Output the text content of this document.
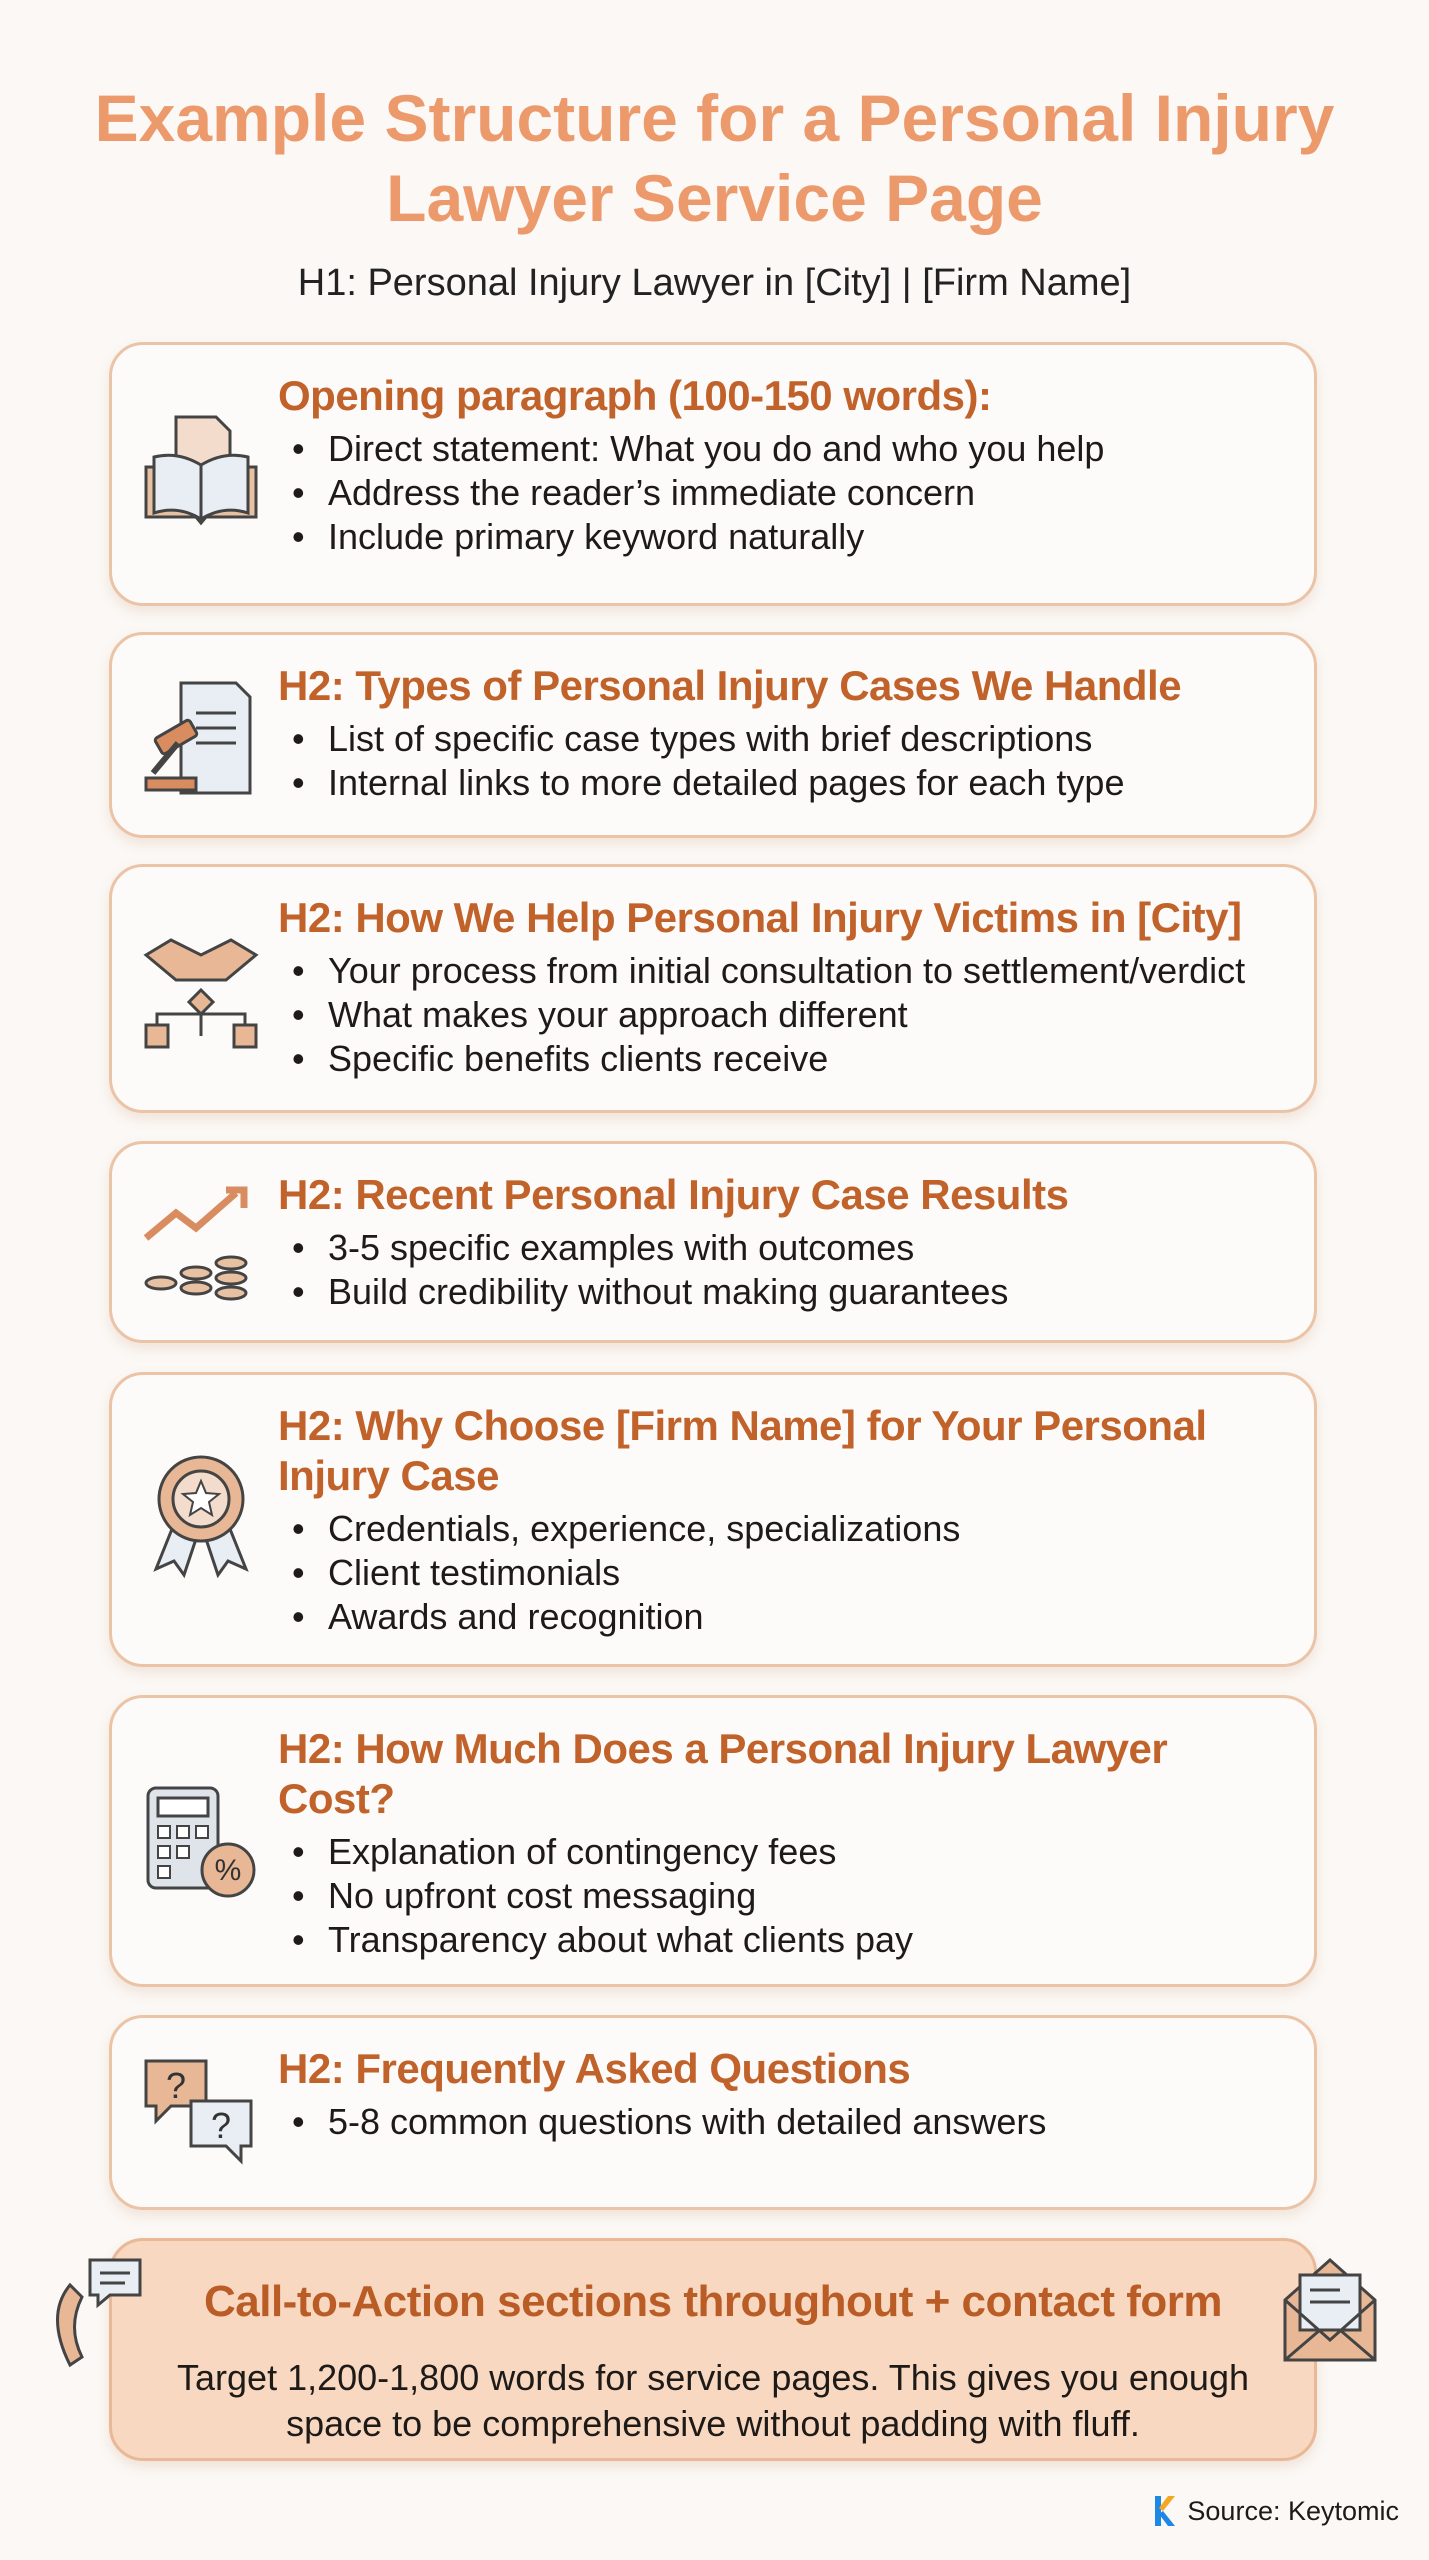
Example Structure for a Personal Injury Lawyer Service Page
H1: Personal Injury Lawyer in [City] | [Firm Name]
Opening paragraph (100-150 words):
• Direct statement: What you do and who you help
• Address the reader’s immediate concern
• Include primary keyword naturally
H2: Types of Personal Injury Cases We Handle
• List of specific case types with brief descriptions
• Internal links to more detailed pages for each type
H2: How We Help Personal Injury Victims in [City]
• Your process from initial consultation to settlement/verdict
• What makes your approach different
• Specific benefits clients receive
H2: Recent Personal Injury Case Results
• 3-5 specific examples with outcomes
• Build credibility without making guarantees
H2: Why Choose [Firm Name] for Your Personal Injury Case
• Credentials, experience, specializations
• Client testimonials
• Awards and recognition
%
H2: How Much Does a Personal Injury Lawyer Cost?
• Explanation of contingency fees
• No upfront cost messaging
• Transparency about what clients pay
?
?
H2: Frequently Asked Questions
• 5-8 common questions with detailed answers
Call-to-Action sections throughout + contact form

Target 1,200-1,800 words for service pages. This gives you enough space to be comprehensive without padding with fluff.

Source: Keytomic
